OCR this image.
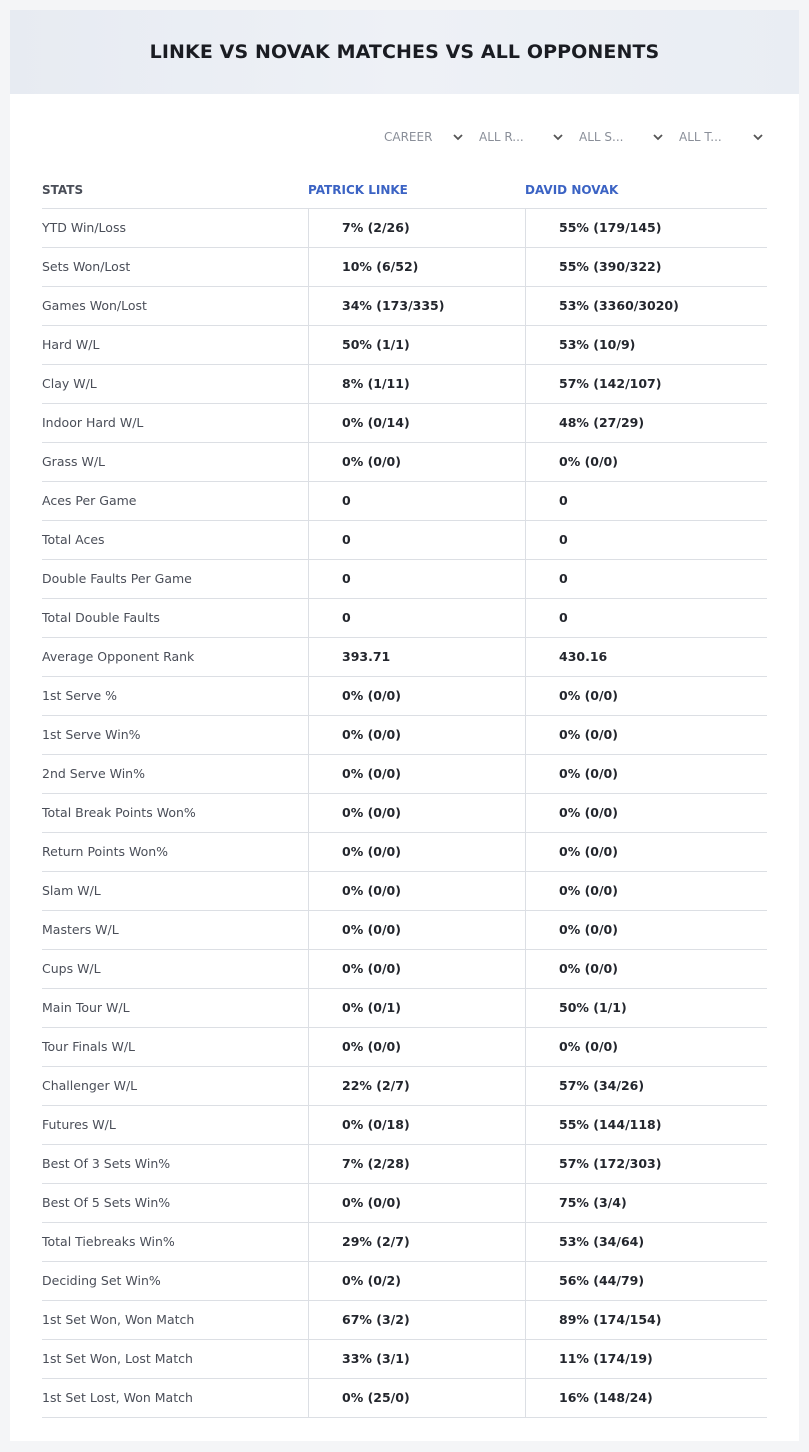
LINKE VS NOVAK MATCHES VS ALL OPPONENTS
CAREER	ALL R...	ALL S...	ALL T...
STATS	PATRICK LINKE	DAVID NOVAK
YTD Win/Loss	7% (2/26)	55% (179/145)
Sets Won/Lost	10% (6/52)	55% (390/322)
Games Won/Lost	34% (173/335)	53% (3360/3020)
Hard W/L	50% (1/1)	53% (10/9)
Clay W/L	8% (1/11)	57% (142/107)
Indoor Hard W/L	0% (0/14)	48% (27/29)
Grass W/L	0% (0/0)	0% (0/0)
Aces Per Game	0	0
Total Aces	0	0
Double Faults Per Game	0	0
Total Double Faults	0	0
Average Opponent Rank	393.71	430.16
1st Serve %	0% (0/0)	0% (0/0)
1st Serve Win%	0% (0/0)	0% (0/0)
2nd Serve Win%	0% (0/0)	0% (0/0)
Total Break Points Won%	0% (0/0)	0% (0/0)
Return Points Won%	0% (0/0)	0% (0/0)
Slam W/L	0% (0/0)	0% (0/0)
Masters W/L	0% (0/0)	0% (0/0)
Cups W/L	0% (0/0)	0% (0/0)
Main Tour W/L	0% (0/1)	50% (1/1)
Tour Finals W/L	0% (0/0)	0% (0/0)
Challenger W/L	22% (2/7)	57% (34/26)
Futures W/L	0% (0/18)	55% (144/118)
Best Of 3 Sets Win%	7% (2/28)	57% (172/303)
Best Of 5 Sets Win%	0% (0/0)	75% (3/4)
Total Tiebreaks Win%	29% (2/7)	53% (34/64)
Deciding Set Win%	0% (0/2)	56% (44/79)
1st Set Won, Won Match	67% (3/2)	89% (174/154)
1st Set Won, Lost Match	33% (3/1)	11% (174/19)
1st Set Lost, Won Match	0% (25/0)	16% (148/24)
